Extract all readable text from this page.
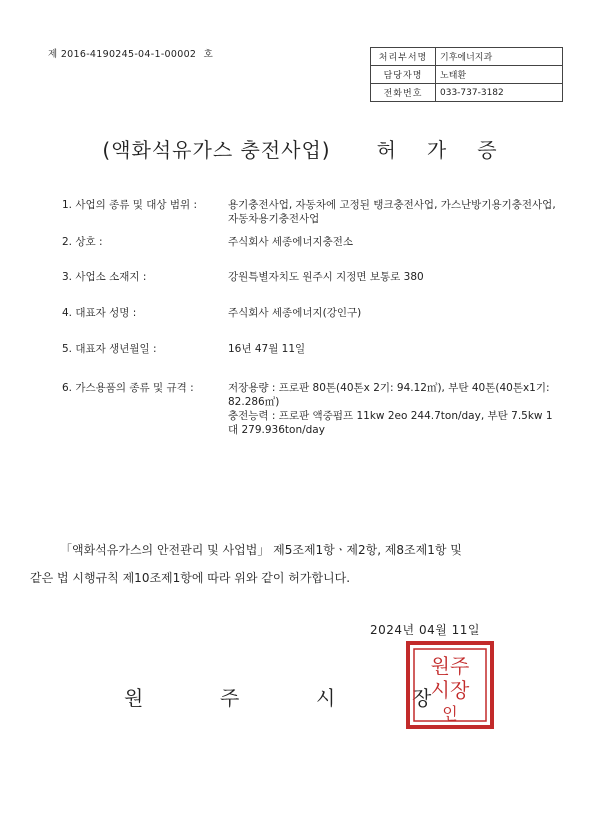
제 2016-4190245-04-1-00002 호	처리부서명	기후에너지과
담당자명	노태환
전화번호	033-737-3182
(액화석유가스 충전사업) 허 가 증
1. 사업의 종류 및 대상 범위 :	용기충전사업, 자동차에 고정된 탱크충전사업, 가스난방기용기충전사업, 자동차용기충전사업
2. 상호 :	주식회사 세종에너지충전소
3. 사업소 소재지 :	강원특별자치도 원주시 지정면 보통로 380
4. 대표자 성명 :	주식회사 세종에너지(강인구)
5. 대표자 생년월일 :	16년 47월 11일
6. 가스용품의 종류 및 규격 :	저장용량 : 프로판 80톤(40톤x 2기: 94.12㎥), 부탄 40톤(40톤x1기: 82.286㎥)
충전능력 : 프로판 액중펌프 11kw 2eo 244.7ton/day, 부탄 7.5kw 1대 279.936ton/day
「액화석유가스의 안전관리 및 사업법」 제5조제1항ㆍ제2항, 제8조제1항 및
같은 법 시행규칙 제10조제1항에 따라 위와 같이 허가합니다.
2024년 04월 11일
원	주	시	장
원주
시장
인
